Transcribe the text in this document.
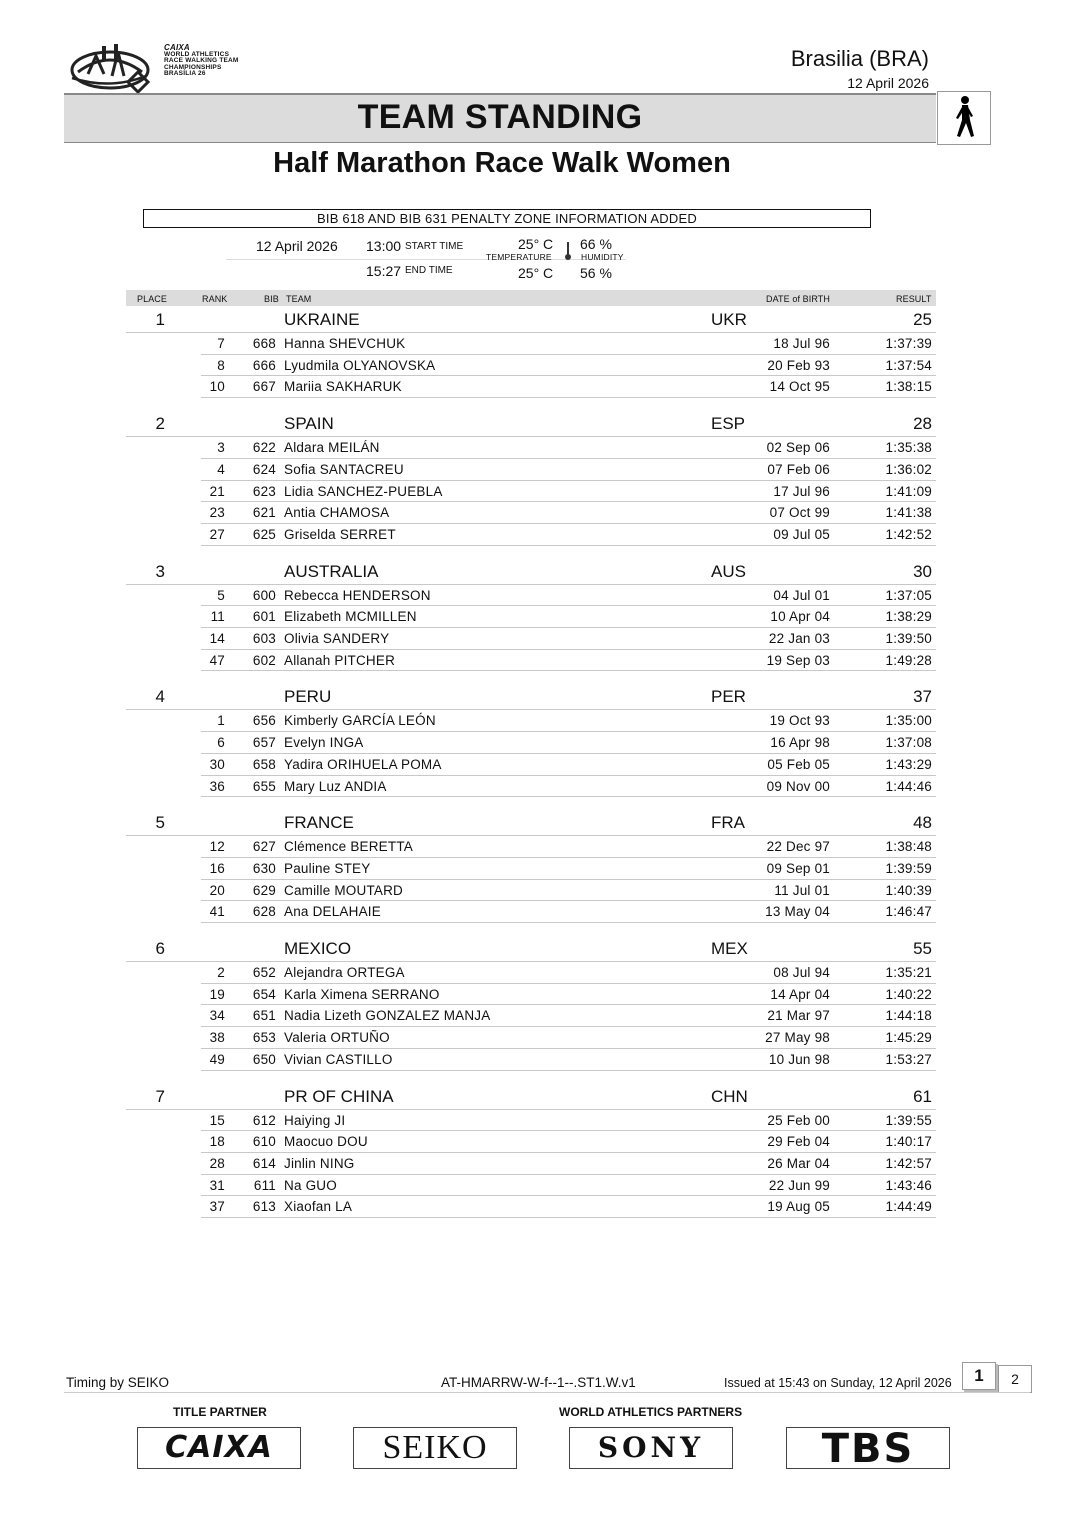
CAIXA
WORLD ATHLETICS
RACE WALKING TEAM
CHAMPIONSHIPS
BRASÍLIA 26
Brasilia (BRA)
12 April 2026
TEAM STANDING
Half Marathon Race Walk Women
BIB 618 AND BIB 631 PENALTY ZONE INFORMATION ADDED
12 April 2026 13:00 START TIME
15:27 END TIME
25° C
TEMPERATURE
25° C
66 %
HUMIDITY
56 %
PLACE	RANK	BIB TEAM	DATE of BIRTH	RESULT
1	UKRAINE	UKR	25
7	668 Hanna SHEVCHUK	18 Jul 96	1:37:39
8	666 Lyudmila OLYANOVSKA	20 Feb 93	1:37:54
10	667 Mariia SAKHARUK	14 Oct 95	1:38:15
2	SPAIN	ESP	28
3	622 Aldara MEILÁN	02 Sep 06	1:35:38
4	624 Sofia SANTACREU	07 Feb 06	1:36:02
21	623 Lidia SANCHEZ-PUEBLA	17 Jul 96	1:41:09
23	621 Antia CHAMOSA	07 Oct 99	1:41:38
27	625 Griselda SERRET	09 Jul 05	1:42:52
3	AUSTRALIA	AUS	30
5	600 Rebecca HENDERSON	04 Jul 01	1:37:05
11	601 Elizabeth MCMILLEN	10 Apr 04	1:38:29
14	603 Olivia SANDERY	22 Jan 03	1:39:50
47	602 Allanah PITCHER	19 Sep 03	1:49:28
4	PERU	PER	37
1	656 Kimberly GARCÍA LEÓN	19 Oct 93	1:35:00
6	657 Evelyn INGA	16 Apr 98	1:37:08
30	658 Yadira ORIHUELA POMA	05 Feb 05	1:43:29
36	655 Mary Luz ANDIA	09 Nov 00	1:44:46
5	FRANCE	FRA	48
12	627 Clémence BERETTA	22 Dec 97	1:38:48
16	630 Pauline STEY	09 Sep 01	1:39:59
20	629 Camille MOUTARD	11 Jul 01	1:40:39
41	628 Ana DELAHAIE	13 May 04	1:46:47
6	MEXICO	MEX	55
2	652 Alejandra ORTEGA	08 Jul 94	1:35:21
19	654 Karla Ximena SERRANO	14 Apr 04	1:40:22
34	651 Nadia Lizeth GONZALEZ MANJA	21 Mar 97	1:44:18
38	653 Valeria ORTUÑO	27 May 98	1:45:29
49	650 Vivian CASTILLO	10 Jun 98	1:53:27
7	PR OF CHINA	CHN	61
15	612 Haiying JI	25 Feb 00	1:39:55
18	610 Maocuo DOU	29 Feb 04	1:40:17
28	614 Jinlin NING	26 Mar 04	1:42:57
31	611 Na GUO	22 Jun 99	1:43:46
37	613 Xiaofan LA	19 Aug 05	1:44:49
Timing by SEIKO	AT-HMARRW-W-f--1--.ST1.W.v1	Issued at 15:43 on Sunday, 12 April 2026	1	2
TITLE PARTNER	WORLD ATHLETICS PARTNERS
CAIXA	SEIKO	SONY	TBS
